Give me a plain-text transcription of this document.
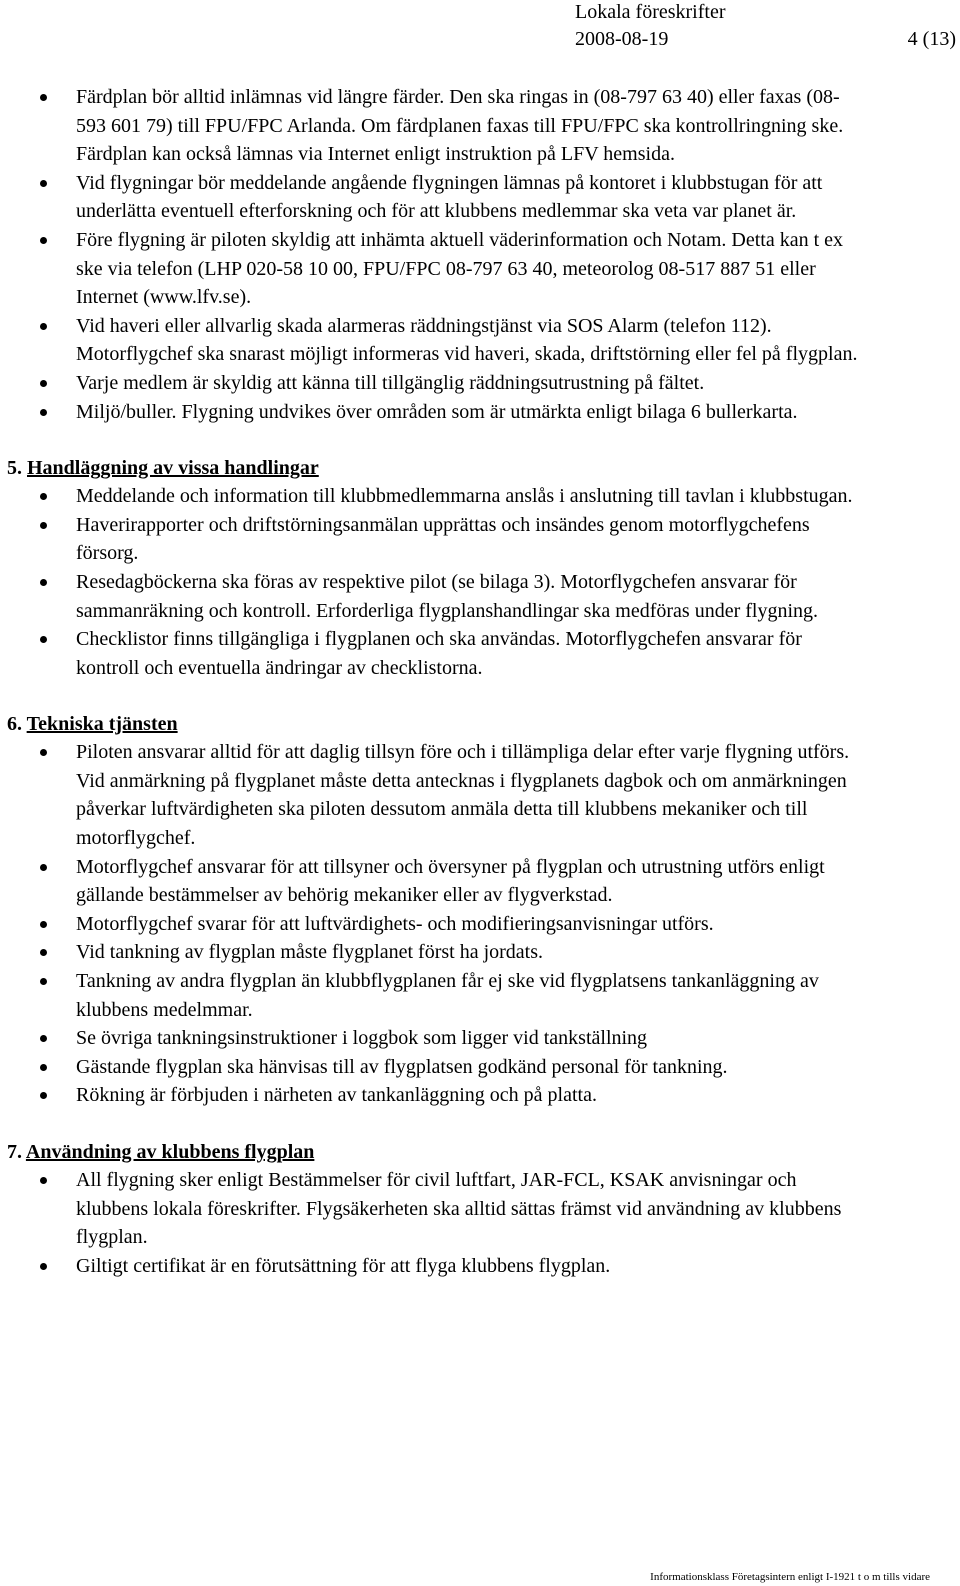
Lokala föreskrifter
2008-08-19	4 (13)
Färdplan bör alltid inlämnas vid längre färder. Den ska ringas in (08-797 63 40) eller faxas (08-593 601 79) till FPU/FPC Arlanda. Om färdplanen faxas till FPU/FPC ska kontrollringning ske. Färdplan kan också lämnas via Internet enligt instruktion på LFV hemsida.
Vid flygningar bör meddelande angående flygningen lämnas på kontoret i klubbstugan för att underlätta eventuell efterforskning och för att klubbens medlemmar ska veta var planet är.
Före flygning är piloten skyldig att inhämta aktuell väderinformation och Notam. Detta kan t ex ske via telefon (LHP 020-58 10 00, FPU/FPC 08-797 63 40, meteorolog 08-517 887 51 eller Internet (www.lfv.se).
Vid haveri eller allvarlig skada alarmeras räddningstjänst via SOS Alarm (telefon 112). Motorflygchef ska snarast möjligt informeras vid haveri, skada, driftstörning eller fel på flygplan.
Varje medlem är skyldig att känna till tillgänglig räddningsutrustning på fältet.
Miljö/buller. Flygning undvikes över områden som är utmärkta enligt bilaga 6 bullerkarta.
5. Handläggning av vissa handlingar
Meddelande och information till klubbmedlemmarna anslås i anslutning till tavlan i klubbstugan.
Haverirapporter och driftstörningsanmälan upprättas och insändes genom motorflygchefens försorg.
Resedagböckerna ska föras av respektive pilot (se bilaga 3). Motorflygchefen ansvarar för sammanräkning och kontroll. Erforderliga flygplanshandlingar ska medföras under flygning.
Checklistor finns tillgängliga i flygplanen och ska användas. Motorflygchefen ansvarar för kontroll och eventuella ändringar av checklistorna.
6. Tekniska tjänsten
Piloten ansvarar alltid för att daglig tillsyn före och i tillämpliga delar efter varje flygning utförs. Vid anmärkning på flygplanet måste detta antecknas i flygplanets dagbok och om anmärkningen påverkar luftvärdigheten ska piloten dessutom anmäla detta till klubbens mekaniker och till motorflygchef.
Motorflygchef ansvarar för att tillsyner och översyner på flygplan och utrustning utförs enligt gällande bestämmelser av behörig mekaniker eller av flygverkstad.
Motorflygchef svarar för att luftvärdighets- och modifieringsanvisningar utförs.
Vid tankning av flygplan måste flygplanet först ha jordats.
Tankning av andra flygplan än klubbflygplanen får ej ske vid flygplatsens tankanläggning av klubbens medelmmar.
Se övriga tankningsinstruktioner i loggbok som ligger vid tankställning
Gästande flygplan ska hänvisas till av flygplatsen godkänd personal för tankning.
Rökning är förbjuden i närheten av tankanläggning och på platta.
7. Användning av klubbens flygplan
All flygning sker enligt Bestämmelser för civil luftfart, JAR-FCL, KSAK anvisningar och klubbens lokala föreskrifter. Flygsäkerheten ska alltid sättas främst vid användning av klubbens flygplan.
Giltigt certifikat är en förutsättning för att flyga klubbens flygplan.
Informationsklass Företagsintern enligt I-1921 t o m tills vidare
